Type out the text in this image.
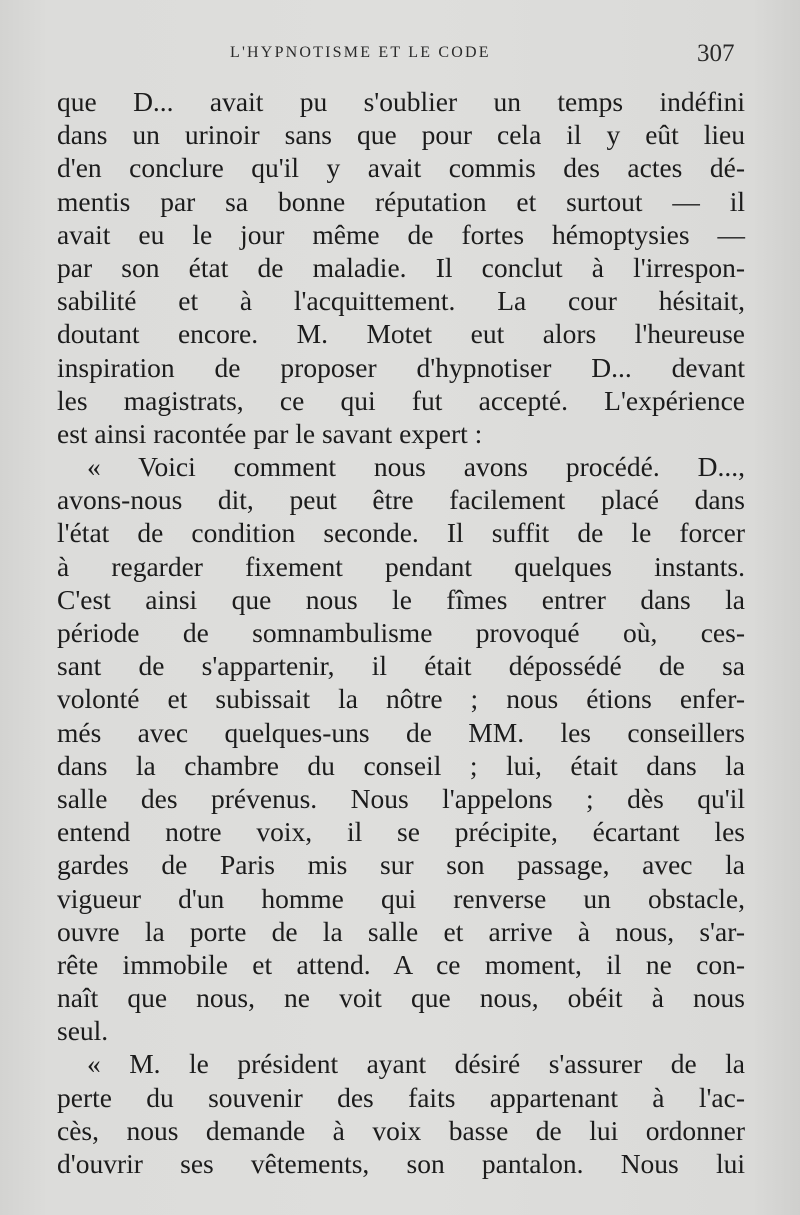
L'HYPNOTISME ET LE CODE	307
que D... avait pu s'oublier un temps indéfini
dans un urinoir sans que pour cela il y eût lieu
d'en conclure qu'il y avait commis des actes dé-
mentis par sa bonne réputation et surtout — il
avait eu le jour même de fortes hémoptysies —
par son état de maladie. Il conclut à l'irrespon-
sabilité et à l'acquittement. La cour hésitait,
doutant encore. M. Motet eut alors l'heureuse
inspiration de proposer d'hypnotiser D... devant
les magistrats, ce qui fut accepté. L'expérience
est ainsi racontée par le savant expert :
« Voici comment nous avons procédé. D...,
avons-nous dit, peut être facilement placé dans
l'état de condition seconde. Il suffit de le forcer
à regarder fixement pendant quelques instants.
C'est ainsi que nous le fîmes entrer dans la
période de somnambulisme provoqué où, ces-
sant de s'appartenir, il était dépossédé de sa
volonté et subissait la nôtre ; nous étions enfer-
més avec quelques-uns de MM. les conseillers
dans la chambre du conseil ; lui, était dans la
salle des prévenus. Nous l'appelons ; dès qu'il
entend notre voix, il se précipite, écartant les
gardes de Paris mis sur son passage, avec la
vigueur d'un homme qui renverse un obstacle,
ouvre la porte de la salle et arrive à nous, s'ar-
rête immobile et attend. A ce moment, il ne con-
naît que nous, ne voit que nous, obéit à nous
seul.
« M. le président ayant désiré s'assurer de la
perte du souvenir des faits appartenant à l'ac-
cès, nous demande à voix basse de lui ordonner
d'ouvrir ses vêtements, son pantalon. Nous lui
